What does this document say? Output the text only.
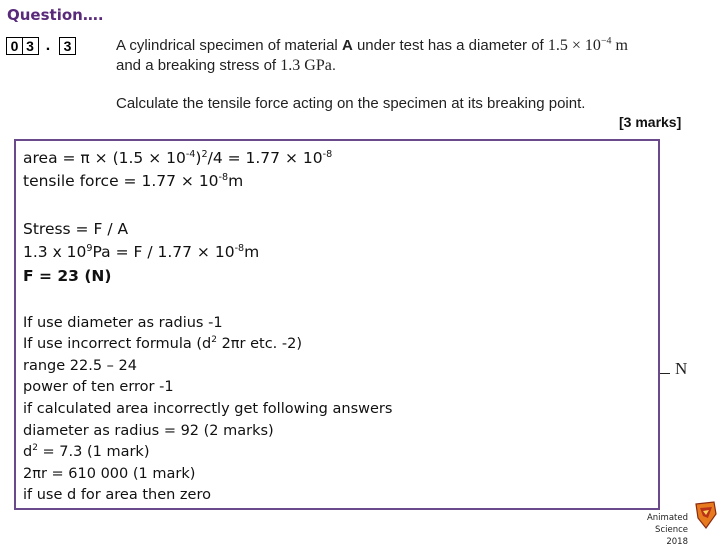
Question….
0 3 . 3	A cylindrical specimen of material A under test has a diameter of $1.5 \times 10^{-4}$ m
and a breaking stress of 1.3 GPa.
Calculate the tensile force acting on the specimen at its breaking point.
[3 marks]
N
area = $\pi \times (1.5 \times 10^{-4})^2/4 = 1.77 \times 10^{-8}$
tensile force = $1.77 \times 10^{-8}m$
Stress = F / A
1.3 x $10^9Pa = F / 1.77 \times 10^{-8}m$
F = 23 (N)
If use diameter as radius -1
If use incorrect formula ($d^2$ 2πr etc. -2)
range 22.5 – 24
power of ten error -1
if calculated area incorrectly get following answers
diameter as radius = 92 (2 marks)
$d^2 = 7.3$ (1 mark)
2πr = 610 000 (1 mark)
if use d for area then zero
Animated Science
2018
